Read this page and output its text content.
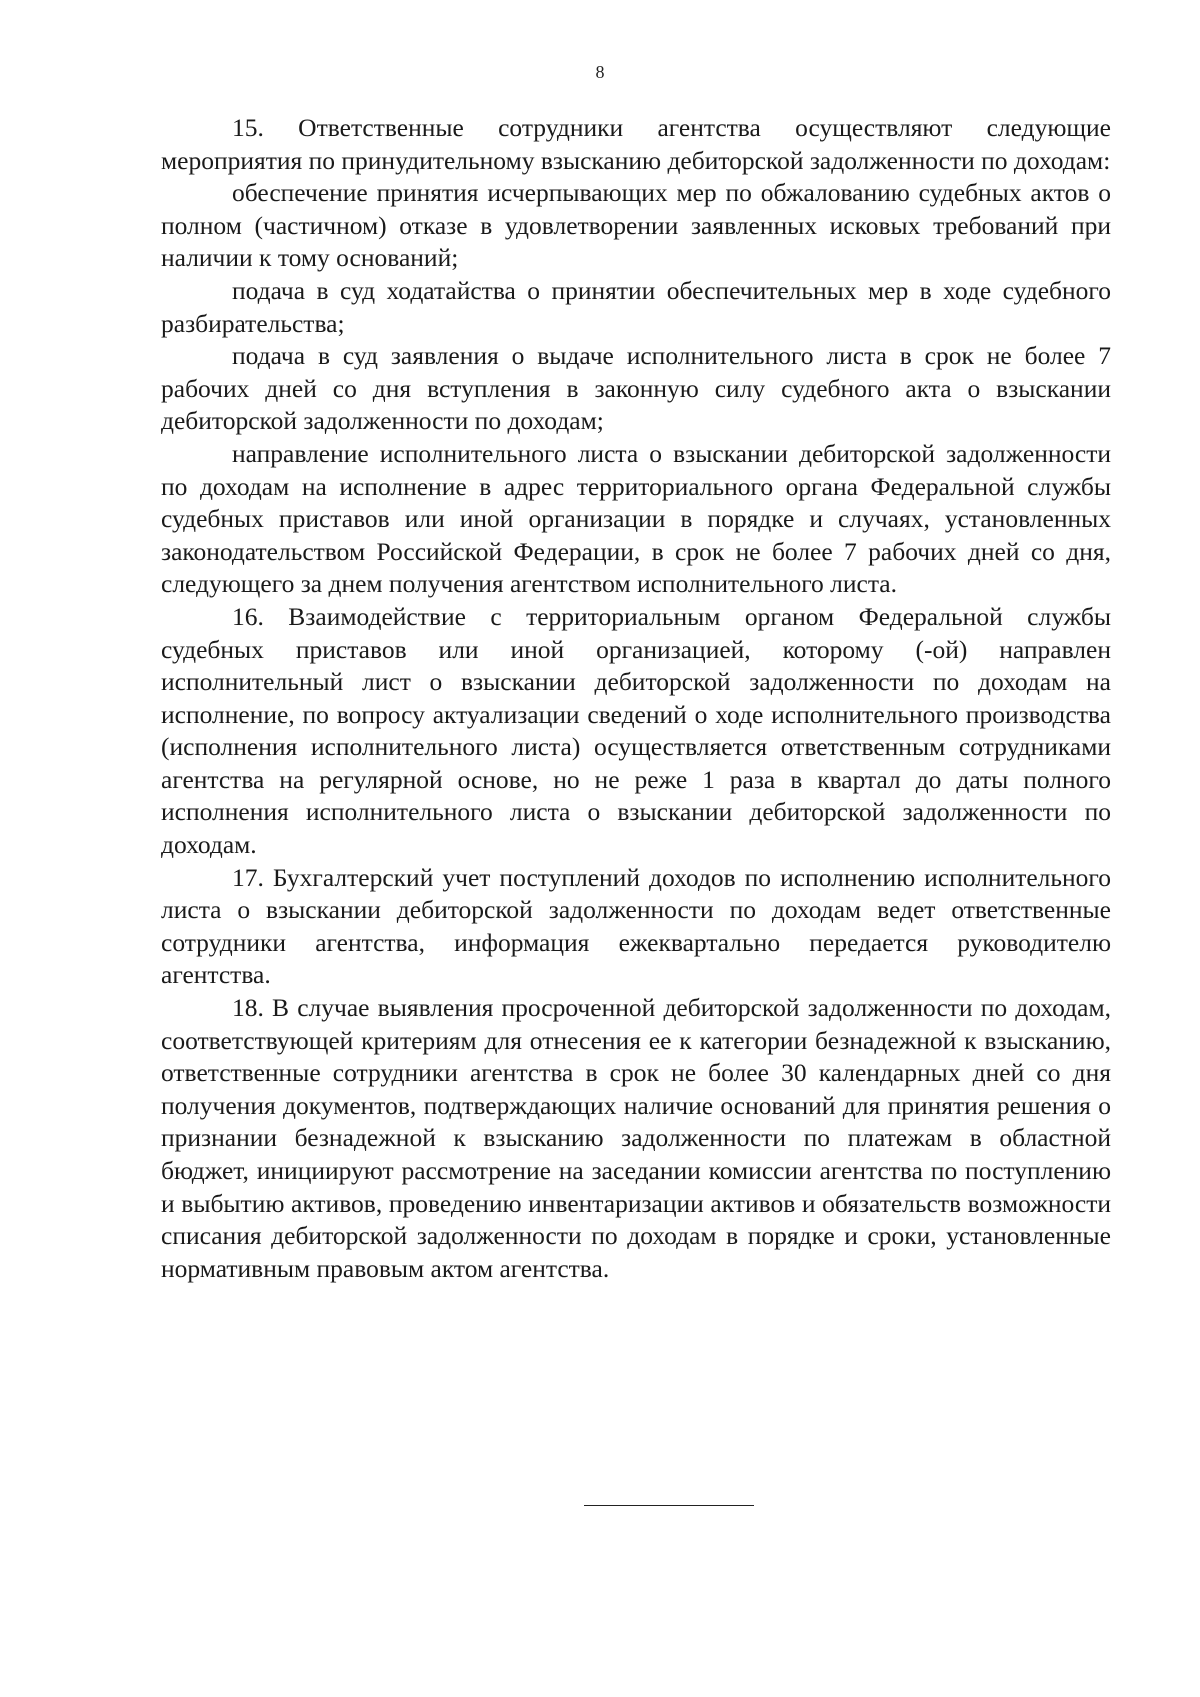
8

15. Ответственные сотрудники агентства осуществляют следующие мероприятия по принудительному взысканию дебиторской задолженности по доходам:

обеспечение принятия исчерпывающих мер по обжалованию судебных актов о полном (частичном) отказе в удовлетворении заявленных исковых требований при наличии к тому оснований;

подача в суд ходатайства о принятии обеспечительных мер в ходе судебного разбирательства;

подача в суд заявления о выдаче исполнительного листа в срок не более 7 рабочих дней со дня вступления в законную силу судебного акта о взыскании дебиторской задолженности по доходам;

направление исполнительного листа о взыскании дебиторской задолженности по доходам на исполнение в адрес территориального органа Федеральной службы судебных приставов или иной организации в порядке и случаях, установленных законодательством Российской Федерации, в срок не более 7 рабочих дней со дня, следующего за днем получения агентством исполнительного листа.

16. Взаимодействие с территориальным органом Федеральной службы судебных приставов или иной организацией, которому (-ой) направлен исполнительный лист о взыскании дебиторской задолженности по доходам на исполнение, по вопросу актуализации сведений о ходе исполнительного производства (исполнения исполнительного листа) осуществляется ответственным сотрудниками агентства на регулярной основе, но не реже 1 раза в квартал до даты полного исполнения исполнительного листа о взыскании дебиторской задолженности по доходам.

17. Бухгалтерский учет поступлений доходов по исполнению исполнительного листа о взыскании дебиторской задолженности по доходам ведет ответственные сотрудники агентства, информация ежеквартально передается руководителю агентства.

18. В случае выявления просроченной дебиторской задолженности по доходам, соответствующей критериям для отнесения ее к категории безнадежной к взысканию, ответственные сотрудники агентства в срок не более 30 календарных дней со дня получения документов, подтверждающих наличие оснований для принятия решения о признании безнадежной к взысканию задолженности по платежам в областной бюджет, инициируют рассмотрение на заседании комиссии агентства по поступлению и выбытию активов, проведению инвентаризации активов и обязательств возможности списания дебиторской задолженности по доходам в порядке и сроки, установленные нормативным правовым актом агентства.
